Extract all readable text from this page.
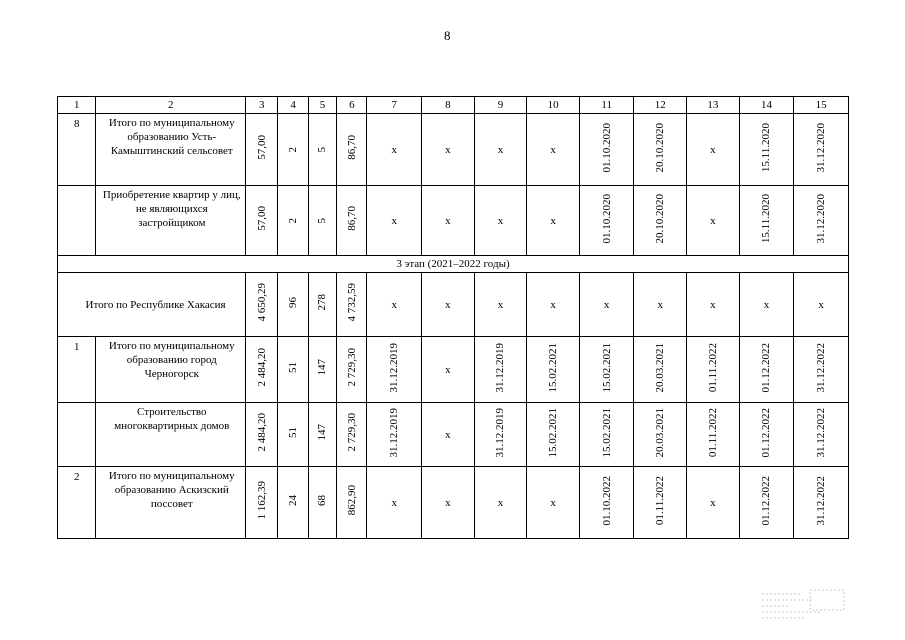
8
1	2	3	4	5	6	7	8	9	10	11	12	13	14	15
8	Итого по муниципальному образованию Усть-Камыштинский сельсовет	57,00	2	5	86,70	x	x	x	x	01.10.2020	20.10.2020	x	15.11.2020	31.12.2020
	Приобретение квартир у лиц, не являющихся застройщиком	57,00	2	5	86,70	x	x	x	x	01.10.2020	20.10.2020	x	15.11.2020	31.12.2020
3 этап (2021–2022 годы)														
Итого по Республике Хакасия		4 650,29	96	278	4 732,59	x	x	x	x	x	x	x	x	x
1	Итого по муниципальному образованию город Черногорск	2 484,20	51	147	2 729,30	31.12.2019	x	31.12.2019	15.02.2021	15.02.2021	20.03.2021	01.11.2022	01.12.2022	31.12.2022
	Строительство многоквартирных домов	2 484,20	51	147	2 729,30	31.12.2019	x	31.12.2019	15.02.2021	15.02.2021	20.03.2021	01.11.2022	01.12.2022	31.12.2022
2	Итого по муниципальному образованию Аскизский поссовет	1 162,39	24	68	862,90	x	x	x	x	01.10.2022	01.11.2022	x	01.12.2022	31.12.2022
